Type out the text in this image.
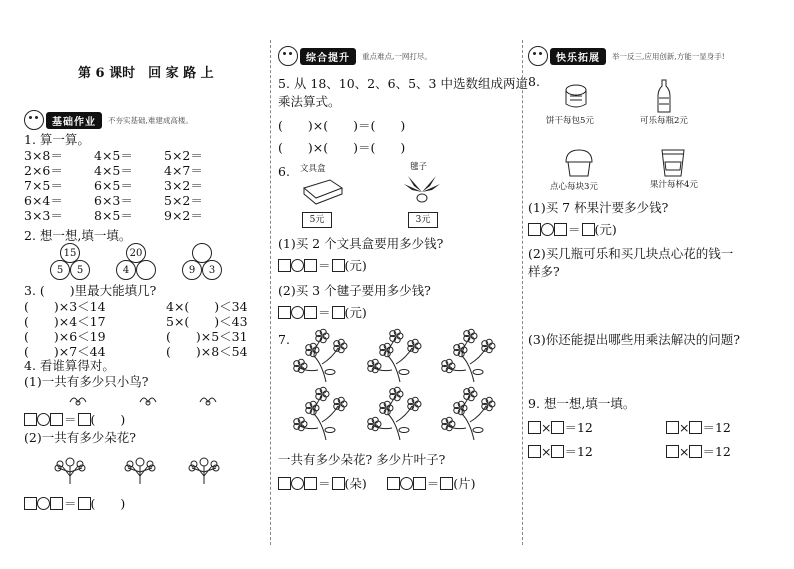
第 6 课时　回 家 路 上
基础作业	不夯实基础,难建成高楼。
1. 算一算。
3×8＝ 4×5＝ 5×2＝
2×6＝ 4×5＝ 4×7＝
7×5＝ 6×5＝ 3×2＝
6×4＝ 6×3＝ 5×2＝
3×3＝ 8×5＝ 9×2＝
2. 想一想,填一填。
15
5	5
20
4	9	3
3. (　　)里最大能填几?
(　　)×3＜14	4×(　　)＜34
(　　)×4＜17	5×(　　)＜43
(　　)×6＜19	(　　)×5＜31
(　　)×7＜44	(　　)×8＜54
4. 看谁算得对。
(1)一共有多少只小鸟?
＝ (　　)
(2)一共有多少朵花?
＝ (　　)
综合提升	重点难点,一网打尽。
5. 从 18、10、2、6、5、3 中选数组成两道
乘法算式。
(　　)×(　　)＝(　　)
(　　)×(　　)＝(　　)
6. 文具盒
5元
毽子
3元
(1)买 2 个文具盒要用多少钱?
＝ (元)
(2)买 3 个毽子要用多少钱?
＝ (元)
7.
一共有多少朵花? 多少片叶子?
＝ (朵)	＝ (片)
快乐拓展	举一反三,应用创新,方能一显身手!
8.
饼干每包5元	可乐每瓶2元
点心每块3元	果汁每杯4元
(1)买 7 杯果汁要多少钱?
＝ (元)
(2)买几瓶可乐和买几块点心花的钱一
样多?
(3)你还能提出哪些用乘法解决的问题?
9. 想一想,填一填。
× ＝12	× ＝12
× ＝12	× ＝12
